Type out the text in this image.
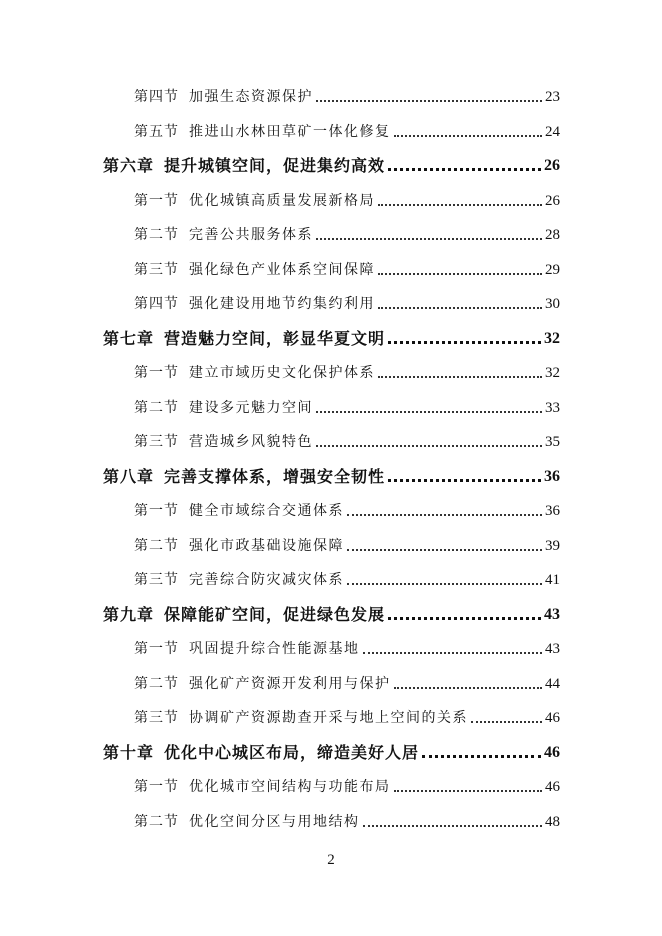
第四节 加强生态资源保护	23
第五节 推进山水林田草矿一体化修复	24
第六章 提升城镇空间，促进集约高效	26
第一节 优化城镇高质量发展新格局	26
第二节 完善公共服务体系	28
第三节 强化绿色产业体系空间保障	29
第四节 强化建设用地节约集约利用	30
第七章 营造魅力空间，彰显华夏文明	32
第一节 建立市域历史文化保护体系	32
第二节 建设多元魅力空间	33
第三节 营造城乡风貌特色	35
第八章 完善支撑体系，增强安全韧性	36
第一节 健全市域综合交通体系	36
第二节 强化市政基础设施保障	39
第三节 完善综合防灾减灾体系	41
第九章 保障能矿空间，促进绿色发展	43
第一节 巩固提升综合性能源基地	43
第二节 强化矿产资源开发利用与保护	44
第三节 协调矿产资源勘查开采与地上空间的关系	46
第十章 优化中心城区布局，缔造美好人居	46
第一节 优化城市空间结构与功能布局	46
第二节 优化空间分区与用地结构	48
2
